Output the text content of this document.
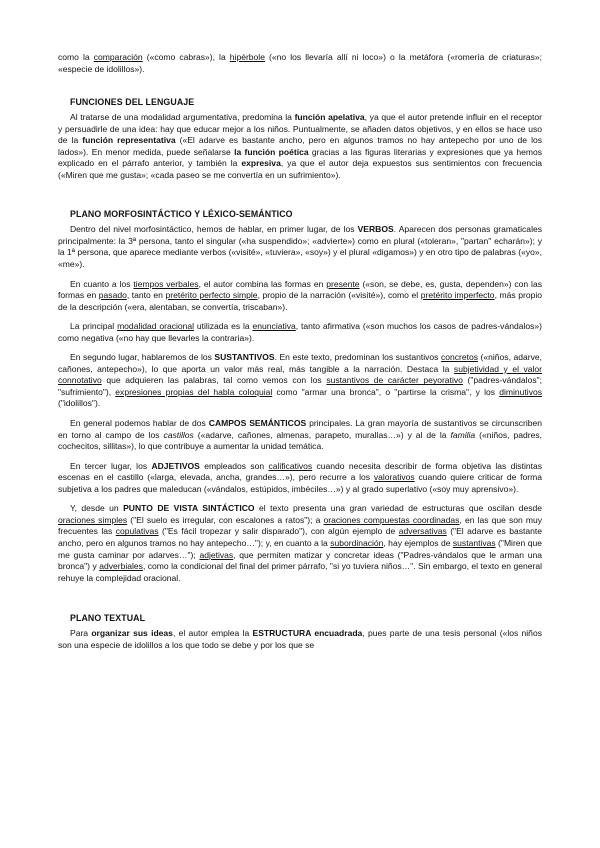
como la comparación («como cabras»), la hipérbole («no los llevaría allí ni loco») o la metáfora («romería de criaturas»; «especie de idolillos»).

FUNCIONES DEL LENGUAJE

Al tratarse de una modalidad argumentativa, predomina la función apelativa, ya que el autor pretende influir en el receptor y persuadirle de una idea: hay que educar mejor a los niños. Puntualmente, se añaden datos objetivos, y en ellos se hace uso de la función representativa («El adarve es bastante ancho, pero en algunos tramos no hay antepecho por uno de los lados»). En menor medida, puede señalarse la función poética gracias a las figuras literarias y expresiones que ya hemos explicado en el párrafo anterior, y también la expresiva, ya que el autor deja expuestos sus sentimientos con frecuencia («Miren que me gusta»; «cada paseo se me convertía en un sufrimiento»).

PLANO MORFOSINTÁCTICO Y LÉXICO-SEMÁNTICO

Dentro del nivel morfosintáctico, hemos de hablar, en primer lugar, de los VERBOS. Aparecen dos personas gramaticales principalmente: la 3ª persona, tanto el singular («ha suspendido»; «advierte») como en plural («toleran», "partan" echarán»); y la 1ª persona, que aparece mediante verbos («visité», «tuviera», «soy») y el plural «digamos») y en otro tipo de palabras («yo», «me»).

En cuanto a los tiempos verbales, el autor combina las formas en presente («son, se debe, es, gusta, dependen») con las formas en pasado, tanto en pretérito perfecto simple, propio de la narración («visité»), como el pretérito imperfecto, más propio de la descripción («era, alentaban, se convertía, triscaban»).

La principal modalidad oracional utilizada es la enunciativa, tanto afirmativa («son muchos los casos de padres-vándalos») como negativa («no hay que llevarles la contraria»).

En segundo lugar, hablaremos de los SUSTANTIVOS. En este texto, predominan los sustantivos concretos («niños, adarve, cañones, antepecho»), lo que aporta un valor más real, más tangible a la narración. Destaca la subjetividad y el valor connotativo que adquieren las palabras, tal como vemos con los sustantivos de carácter peyorativo ("padres-vándalos"; "sufrimiento"), expresiones propias del habla coloquial como "armar una bronca", o "partirse la crisma", y los diminutivos ("idolillos").

En general podemos hablar de dos CAMPOS SEMÁNTICOS principales. La gran mayoría de sustantivos se circunscriben en torno al campo de los castillos («adarve, cañones, almenas, parapeto, murallas…») y al de la familia («niños, padres, cochecitos, sillitas»), lo que contribuye a aumentar la unidad temática.

En tercer lugar, los ADJETIVOS empleados son calificativos cuando necesita describir de forma objetiva las distintas escenas en el castillo («larga, elevada, ancha, grandes…»), pero recurre a los valorativos cuando quiere criticar de forma subjetiva a los padres que maleducan («vándalos, estúpidos, imbéciles…») y al grado superlativo («soy muy aprensivo»).

Y, desde un PUNTO DE VISTA SINTÁCTICO el texto presenta una gran variedad de estructuras que oscilan desde oraciones simples ("El suelo es irregular, con escalones a ratos"); a oraciones compuestas coordinadas, en las que son muy frecuentes las copulativas ("Es fácil tropezar y salir disparado"), con algún ejemplo de adversativas ("El adarve es bastante ancho, pero en algunos tramos no hay antepecho…"); y, en cuanto a la subordinación, hay ejemplos de sustantivas ("Miren que me gusta caminar por adarves…"); adjetivas, que permiten matizar y concretar ideas ("Padres-vándalos que le arman una bronca") y adverbiales, como la condicional del final del primer párrafo, "si yo tuviera niños…". Sin embargo, el texto en general rehuye la complejidad oracional.

PLANO TEXTUAL

Para organizar sus ideas, el autor emplea la ESTRUCTURA encuadrada, pues parte de una tesis personal («los niños son una especie de idolillos a los que todo se debe y por los que se
